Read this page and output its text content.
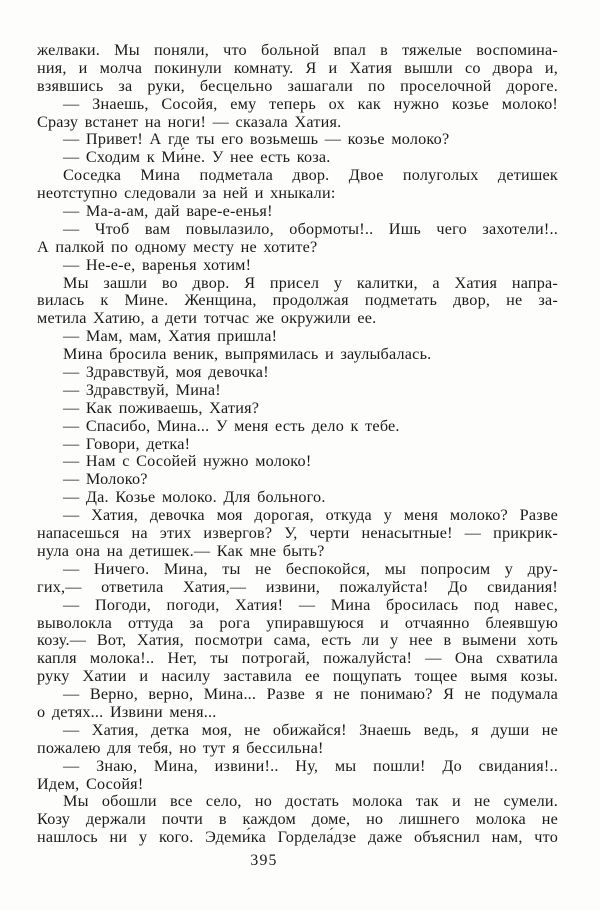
желваки. Мы поняли, что больной впал в тяжелые воспомина-
ния, и молча покинули комнату. Я и Хатия вышли со двора и,
взявшись за руки, бесцельно зашагали по проселочной дороге.
— Знаешь, Сосойя, ему теперь ох как нужно козье молоко!
Сразу встанет на ноги! — сказала Хатия.
— Привет! А где ты его возьмешь — козье молоко?
— Сходим к Ми́не. У нее есть коза.
Соседка Мина подметала двор. Двое полуголых детишек
неотступно следовали за ней и хныкали:
— Ма-а-ам, дай варе-е-енья!
— Чтоб вам повылазило, обормоты!.. Ишь чего захотели!..
А палкой по одному месту не хотите?
— Не-е-е, варенья хотим!
Мы зашли во двор. Я присел у калитки, а Хатия напра-
вилась к Мине. Женщина, продолжая подметать двор, не за-
метила Хатию, а дети тотчас же окружили ее.
— Мам, мам, Хатия пришла!
Мина бросила веник, выпрямилась и заулыбалась.
— Здравствуй, моя девочка!
— Здравствуй, Мина!
— Как поживаешь, Хатия?
— Спасибо, Мина... У меня есть дело к тебе.
— Говори, детка!
— Нам с Сосойей нужно молоко!
— Молоко?
— Да. Козье молоко. Для больного.
— Хатия, девочка моя дорогая, откуда у меня молоко? Разве
напасешься на этих извергов? У, черти ненасытные! — прикрик-
нула она на детишек.— Как мне быть?
— Ничего. Мина, ты не беспокойся, мы попросим у дру-
гих,— ответила Хатия,— извини, пожалуйста! До свидания!
— Погоди, погоди, Хатия! — Мина бросилась под навес,
выволокла оттуда за рога упиравшуюся и отчаянно блеявшую
козу.— Вот, Хатия, посмотри сама, есть ли у нее в вымени хоть
капля молока!.. Нет, ты потрогай, пожалуйста! — Она схватила
руку Хатии и насилу заставила ее пощупать тощее вымя козы.
— Верно, верно, Мина... Разве я не понимаю? Я не подумала
о детях... Извини меня...
— Хатия, детка моя, не обижайся! Знаешь ведь, я души не
пожалею для тебя, но тут я бессильна!
— Знаю, Мина, извини!.. Ну, мы пошли! До свидания!..
Идем, Сосойя!
Мы обошли все село, но достать молока так и не сумели.
Козу держали почти в каждом доме, но лишнего молока не
нашлось ни у кого. Эдеми́ка Гордела́дзе даже объяснил нам, что
395
